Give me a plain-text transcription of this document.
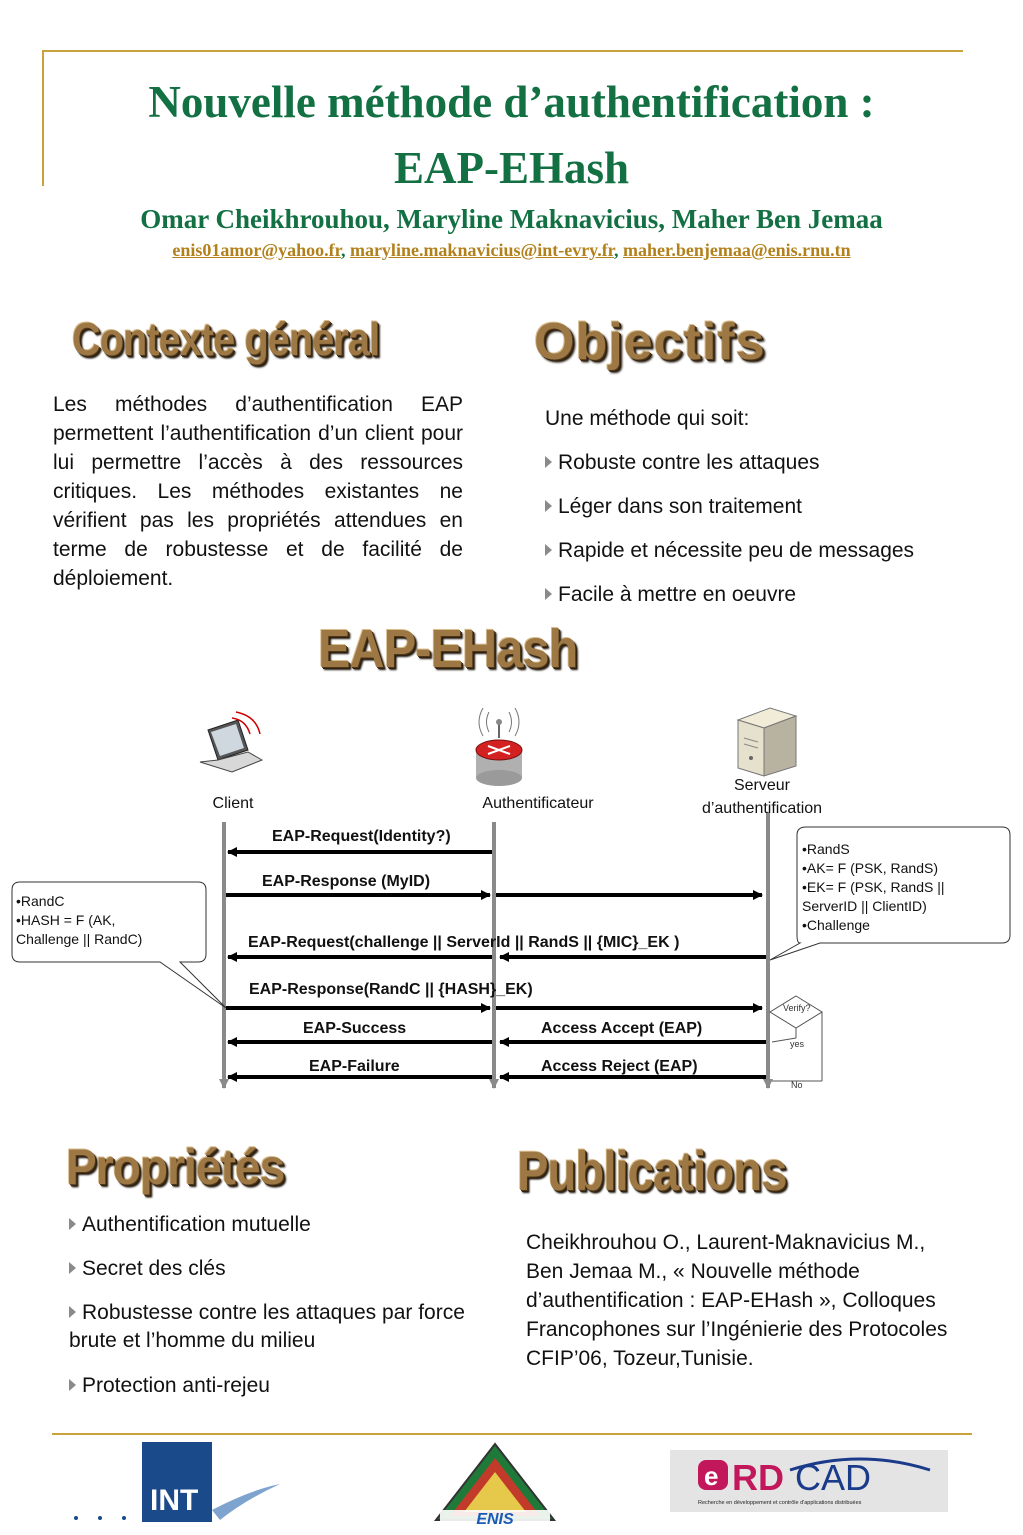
Nouvelle méthode d’authentification :
EAP-EHash
Omar Cheikhrouhou, Maryline Maknavicius, Maher Ben Jemaa
enis01amor@yahoo.fr, maryline.maknavicius@int-evry.fr, maher.benjemaa@enis.rnu.tn
Contexte général
Les méthodes d’authentification EAP permettent l’authentification d’un client pour lui permettre l’accès à des ressources critiques. Les méthodes existantes ne vérifient pas les propriétés attendues en terme de robustesse et de facilité de déploiement.
Objectifs
Une méthode qui soit:
Robuste contre les attaques
Léger dans son traitement
Rapide et nécessite peu de messages
Facile à mettre en oeuvre
EAP-EHash
Client	Authentificateur
Serveur
d’authentification
EAP-Request(Identity?)
EAP-Response (MyID)
EAP-Request(challenge || ServerId || RandS || {MIC}_EK )
EAP-Response(RandC || {HASH}_EK)
EAP-Success	Access Accept (EAP)
EAP-Failure	Access Reject (EAP)
•RandC
•HASH = F (AK,
Challenge || RandC)
•RandS
•AK= F (PSK, RandS)
•EK= F (PSK, RandS ||
ServerID || ClientID)
•Challenge
Verify?
yes
No
Propriétés
Authentification mutuelle
Secret des clés
Robustesse contre les attaques par force brute et l’homme du milieu
Protection anti-rejeu
Publications
Cheikhrouhou O., Laurent-Maknavicius M., Ben Jemaa M., « Nouvelle méthode d’authentification : EAP-EHash », Colloques Francophones sur l’Ingénierie des Protocoles CFIP’06, Tozeur,Tunisie.
INT
ENIS
e RD CAD
Recherche en développement et contrôle d'applications distribuées
